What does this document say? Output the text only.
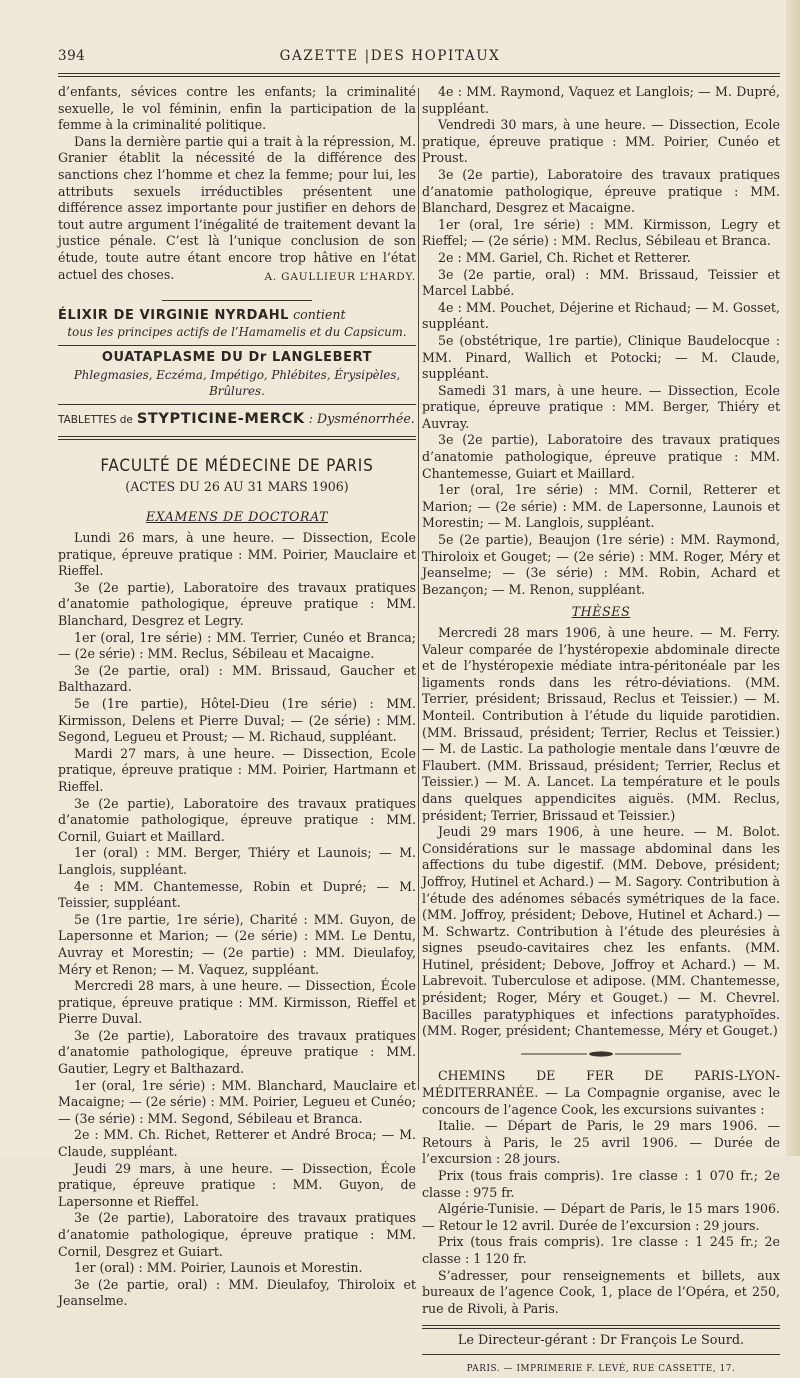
394	GAZETTE |DES HOPITAUX

d’enfants, sévices contre les enfants; la criminalité sexuelle, le vol féminin, enfin la participation de la femme à la criminalité politique.

Dans la dernière partie qui a trait à la répression, M. Granier établit la nécessité de la différence des sanctions chez l’homme et chez la femme; pour lui, les attributs sexuels irréductibles présentent une différence assez importante pour justifier en dehors de tout autre argument l’inégalité de traitement devant la justice pénale. C’est là l’unique conclusion de son étude, toute autre étant encore trop hâtive en l’état actuel des choses.	A. GAULLIEUR L’HARDY.

ÉLIXIR DE VIRGINIE NYRDAHL contient
tous les principes actifs de l’Hamamelis et du Capsicum.
OUATAPLASME DU Dr LANGLEBERT
Phlegmasies, Eczéma, Impétigo, Phlébites, Érysipèles, Brûlures.
TABLETTES de STYPTICINE-MERCK : Dysménorrhée.
FACULTÉ DE MÉDECINE DE PARIS
(ACTES DU 26 AU 31 MARS 1906)
EXAMENS DE DOCTORAT

Lundi 26 mars, à une heure. — Dissection, Ecole pratique, épreuve pratique : MM. Poirier, Mauclaire et Rieffel.

3e (2e partie), Laboratoire des travaux pratiques d’anatomie pathologique, épreuve pratique : MM. Blanchard, Desgrez et Legry.

1er (oral, 1re série) : MM. Terrier, Cunéo et Branca; — (2e série) : MM. Reclus, Sébileau et Macaigne.

3e (2e partie, oral) : MM. Brissaud, Gaucher et Balthazard.

5e (1re partie), Hôtel-Dieu (1re série) : MM. Kirmisson, Delens et Pierre Duval; — (2e série) : MM. Segond, Legueu et Proust; — M. Richaud, suppléant.

Mardi 27 mars, à une heure. — Dissection, Ecole pratique, épreuve pratique : MM. Poirier, Hartmann et Rieffel.

3e (2e partie), Laboratoire des travaux pratiques d’anatomie pathologique, épreuve pratique : MM. Cornil, Guiart et Maillard.

1er (oral) : MM. Berger, Thiéry et Launois; — M. Langlois, suppléant.

4e : MM. Chantemesse, Robin et Dupré; — M. Teissier, suppléant.

5e (1re partie, 1re série), Charité : MM. Guyon, de Lapersonne et Marion; — (2e série) : MM. Le Dentu, Auvray et Morestin; — (2e partie) : MM. Dieulafoy, Méry et Renon; — M. Vaquez, suppléant.

Mercredi 28 mars, à une heure. — Dissection, École pratique, épreuve pratique : MM. Kirmisson, Rieffel et Pierre Duval.

3e (2e partie), Laboratoire des travaux pratiques d’anatomie pathologique, épreuve pratique : MM. Gautier, Legry et Balthazard.

1er (oral, 1re série) : MM. Blanchard, Mauclaire et Macaigne; — (2e série) : MM. Poirier, Legueu et Cunéo; — (3e série) : MM. Segond, Sébileau et Branca.

2e : MM. Ch. Richet, Retterer et André Broca; — M. Claude, suppléant.

Jeudi 29 mars, à une heure. — Dissection, École pratique, épreuve pratique : MM. Guyon, de Lapersonne et Rieffel.

3e (2e partie), Laboratoire des travaux pratiques d’anatomie pathologique, épreuve pratique : MM. Cornil, Desgrez et Guiart.

1er (oral) : MM. Poirier, Launois et Morestin.

3e (2e partie, oral) : MM. Dieulafoy, Thiroloix et Jeanselme.

4e : MM. Raymond, Vaquez et Langlois; — M. Dupré, suppléant.

Vendredi 30 mars, à une heure. — Dissection, Ecole pratique, épreuve pratique : MM. Poirier, Cunéo et Proust.

3e (2e partie), Laboratoire des travaux pratiques d’anatomie pathologique, épreuve pratique : MM. Blanchard, Desgrez et Macaigne.

1er (oral, 1re série) : MM. Kirmisson, Legry et Rieffel; — (2e série) : MM. Reclus, Sébileau et Branca.

2e : MM. Gariel, Ch. Richet et Retterer.

3e (2e partie, oral) : MM. Brissaud, Teissier et Marcel Labbé.

4e : MM. Pouchet, Déjerine et Richaud; — M. Gosset, suppléant.

5e (obstétrique, 1re partie), Clinique Baudelocque : MM. Pinard, Wallich et Potocki; — M. Claude, suppléant.

Samedi 31 mars, à une heure. — Dissection, Ecole pratique, épreuve pratique : MM. Berger, Thiéry et Auvray.

3e (2e partie), Laboratoire des travaux pratiques d’anatomie pathologique, épreuve pratique : MM. Chantemesse, Guiart et Maillard.

1er (oral, 1re série) : MM. Cornil, Retterer et Marion; — (2e série) : MM. de Lapersonne, Launois et Morestin; — M. Langlois, suppléant.

5e (2e partie), Beaujon (1re série) : MM. Raymond, Thiroloix et Gouget; — (2e série) : MM. Roger, Méry et Jeanselme; — (3e série) : MM. Robin, Achard et Bezançon; — M. Renon, suppléant.

THÈSES

Mercredi 28 mars 1906, à une heure. — M. Ferry. Valeur comparée de l’hystéropexie abdominale directe et de l’hystéropexie médiate intra-péritonéale par les ligaments ronds dans les rétro-déviations. (MM. Terrier, président; Brissaud, Reclus et Teissier.) — M. Monteil. Contribution à l’étude du liquide parotidien. (MM. Brissaud, président; Terrier, Reclus et Teissier.) — M. de Lastic. La pathologie mentale dans l’œuvre de Flaubert. (MM. Brissaud, président; Terrier, Reclus et Teissier.) — M. A. Lancet. La température et le pouls dans quelques appendicites aiguës. (MM. Reclus, président; Terrier, Brissaud et Teissier.)

Jeudi 29 mars 1906, à une heure. — M. Bolot. Considérations sur le massage abdominal dans les affections du tube digestif. (MM. Debove, président; Joffroy, Hutinel et Achard.) — M. Sagory. Contribution à l’étude des adénomes sébacés symétriques de la face. (MM. Joffroy, président; Debove, Hutinel et Achard.) — M. Schwartz. Contribution à l’étude des pleurésies à signes pseudo-cavitaires chez les enfants. (MM. Hutinel, président; Debove, Joffroy et Achard.) — M. Labrevoit. Tuberculose et adipose. (MM. Chantemesse, président; Roger, Méry et Gouget.) — M. Chevrel. Bacilles paratyphiques et infections paratyphoïdes. (MM. Roger, président; Chantemesse, Méry et Gouget.)

CHEMINS DE FER DE PARIS-LYON-MÉDITERRANÉE. — La Compagnie organise, avec le concours de l’agence Cook, les excursions suivantes :

Italie. — Départ de Paris, le 29 mars 1906. — Retours à Paris, le 25 avril 1906. — Durée de l’excursion : 28 jours.

Prix (tous frais compris). 1re classe : 1 070 fr.; 2e classe : 975 fr.

Algérie-Tunisie. — Départ de Paris, le 15 mars 1906. — Retour le 12 avril. Durée de l’excursion : 29 jours.

Prix (tous frais compris). 1re classe : 1 245 fr.; 2e classe : 1 120 fr.

S’adresser, pour renseignements et billets, aux bureaux de l’agence Cook, 1, place de l’Opéra, et 250, rue de Rivoli, à Paris.

Le Directeur-gérant : Dr François Le Sourd.
PARIS. — IMPRIMERIE F. LEVÉ, RUE CASSETTE, 17.
